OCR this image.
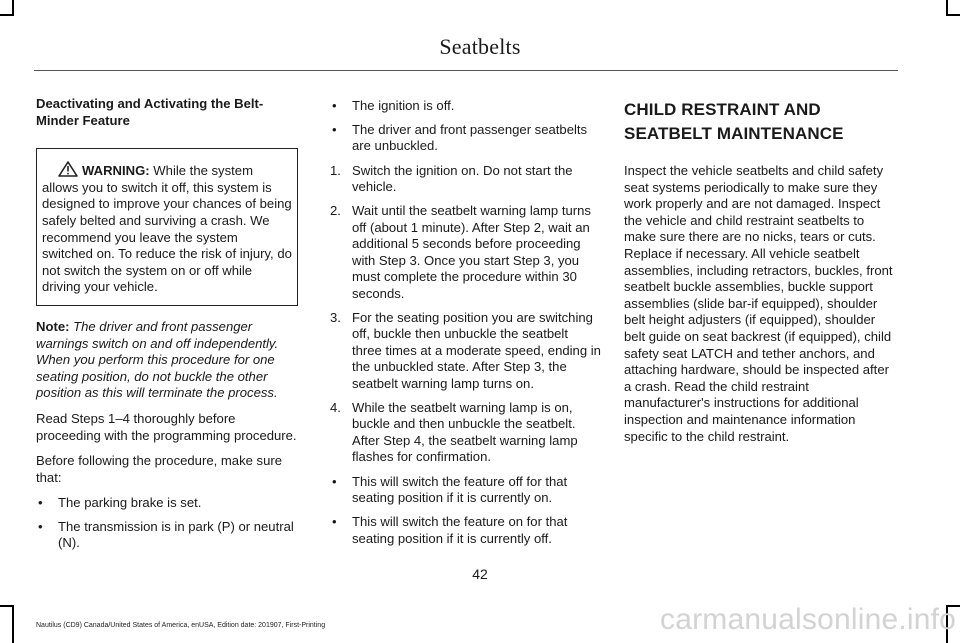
Seatbelts

Deactivating and Activating the Belt-Minder Feature

WARNING: While the system allows you to switch it off, this system is designed to improve your chances of being safely belted and surviving a crash. We recommend you leave the system switched on. To reduce the risk of injury, do not switch the system on or off while driving your vehicle.

Note: The driver and front passenger warnings switch on and off independently. When you perform this procedure for one seating position, do not buckle the other position as this will terminate the process.

Read Steps 1–4 thoroughly before proceeding with the programming procedure.

Before following the procedure, make sure that:

• The parking brake is set.
• The transmission is in park (P) or neutral (N).
• The ignition is off.
• The driver and front passenger seatbelts are unbuckled.
1. Switch the ignition on. Do not start the vehicle.
2. Wait until the seatbelt warning lamp turns off (about 1 minute). After Step 2, wait an additional 5 seconds before proceeding with Step 3. Once you start Step 3, you must complete the procedure within 30 seconds.
3. For the seating position you are switching off, buckle then unbuckle the seatbelt three times at a moderate speed, ending in the unbuckled state. After Step 3, the seatbelt warning lamp turns on.
4. While the seatbelt warning lamp is on, buckle and then unbuckle the seatbelt. After Step 4, the seatbelt warning lamp flashes for confirmation.
• This will switch the feature off for that seating position if it is currently on.
• This will switch the feature on for that seating position if it is currently off.
CHILD RESTRAINT AND SEATBELT MAINTENANCE

Inspect the vehicle seatbelts and child safety seat systems periodically to make sure they work properly and are not damaged. Inspect the vehicle and child restraint seatbelts to make sure there are no nicks, tears or cuts. Replace if necessary. All vehicle seatbelt assemblies, including retractors, buckles, front seatbelt buckle assemblies, buckle support assemblies (slide bar-if equipped), shoulder belt height adjusters (if equipped), shoulder belt guide on seat backrest (if equipped), child safety seat LATCH and tether anchors, and attaching hardware, should be inspected after a crash. Read the child restraint manufacturer's instructions for additional inspection and maintenance information specific to the child restraint.

42
Nautilus (CD9) Canada/United States of America, enUSA, Edition date: 201907, First-Printing	carmanualsonline.info
